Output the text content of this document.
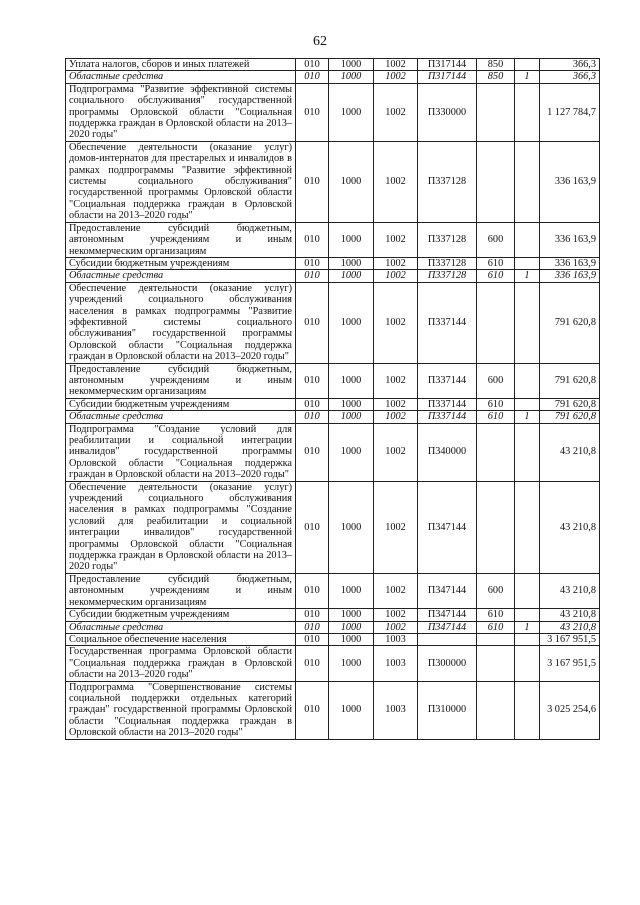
62
Уплата налогов, сборов и иных платежей	010	1000	1002	П317144	850		366,3
Областные средства	010	1000	1002	П317144	850	1	366,3
Подпрограмма "Развитие эффективной системы социального обслуживания" государственной программы Орловской области "Социальная поддержка граждан в Орловской области на 2013–2020 годы"	010	1000	1002	П330000			1 127 784,7
Обеспечение деятельности (оказание услуг) домов-интернатов для престарелых и инвалидов в рамках подпрограммы "Развитие эффективной системы социального обслуживания" государственной программы Орловской области "Социальная поддержка граждан в Орловской области на 2013–2020 годы"	010	1000	1002	П337128			336 163,9
Предоставление субсидий бюджетным, автономным учреждениям и иным некоммерческим организациям	010	1000	1002	П337128	600		336 163,9
Субсидии бюджетным учреждениям	010	1000	1002	П337128	610		336 163,9
Областные средства	010	1000	1002	П337128	610	1	336 163,9
Обеспечение деятельности (оказание услуг) учреждений социального обслуживания населения в рамках подпрограммы "Развитие эффективной системы социального обслуживания" государственной программы Орловской области "Социальная поддержка граждан в Орловской области на 2013–2020 годы"	010	1000	1002	П337144			791 620,8
Предоставление субсидий бюджетным, автономным учреждениям и иным некоммерческим организациям	010	1000	1002	П337144	600		791 620,8
Субсидии бюджетным учреждениям	010	1000	1002	П337144	610		791 620,8
Областные средства	010	1000	1002	П337144	610	1	791 620,8
Подпрограмма "Создание условий для реабилитации и социальной интеграции инвалидов" государственной программы Орловской области "Социальная поддержка граждан в Орловской области на 2013–2020 годы"	010	1000	1002	П340000			43 210,8
Обеспечение деятельности (оказание услуг) учреждений социального обслуживания населения в рамках подпрограммы "Создание условий для реабилитации и социальной интеграции инвалидов" государственной программы Орловской области "Социальная поддержка граждан в Орловской области на 2013–2020 годы"	010	1000	1002	П347144			43 210,8
Предоставление субсидий бюджетным, автономным учреждениям и иным некоммерческим организациям	010	1000	1002	П347144	600		43 210,8
Субсидии бюджетным учреждениям	010	1000	1002	П347144	610		43 210,8
Областные средства	010	1000	1002	П347144	610	1	43 210,8
Социальное обеспечение населения	010	1000	1003				3 167 951,5
Государственная программа Орловской области "Социальная поддержка граждан в Орловской области на 2013–2020 годы"	010	1000	1003	П300000			3 167 951,5
Подпрограмма "Совершенствование системы социальной поддержки отдельных категорий граждан" государственной программы Орловской области "Социальная поддержка граждан в Орловской области на 2013–2020 годы"	010	1000	1003	П310000			3 025 254,6
